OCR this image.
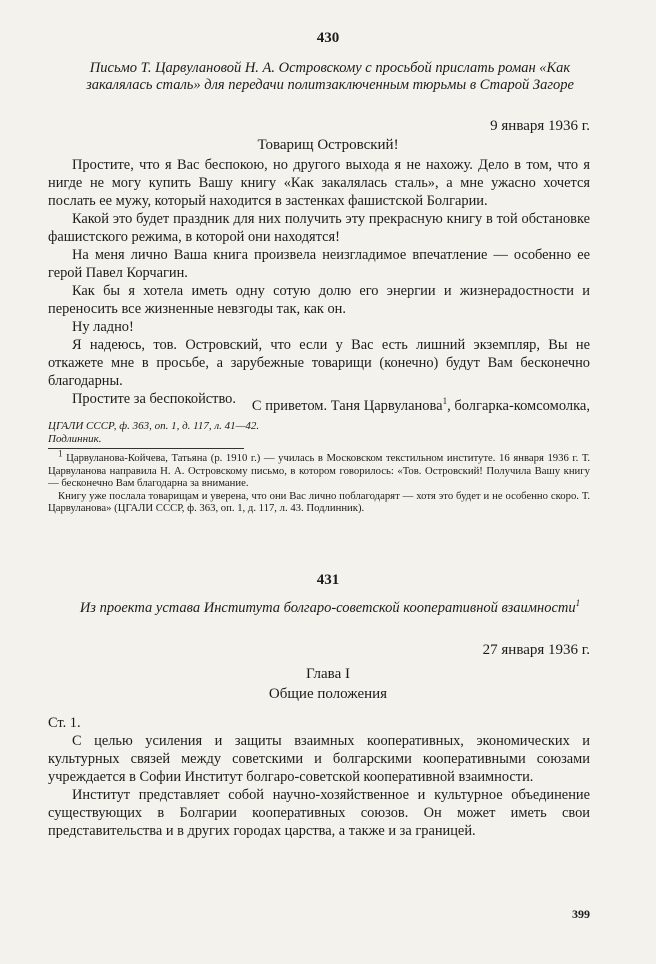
430
Письмо Т. Царвулановой Н. А. Островскому с просьбой прислать роман «Как закалялась сталь» для передачи политзаключенным тюрьмы в Старой Загоре
9 января 1936 г.
Товарищ Островский!

Простите, что я Вас беспокою, но другого выхода я не нахожу. Дело в том, что я нигде не могу купить Вашу книгу «Как закалялась сталь», а мне ужасно хочется послать ее мужу, который находится в застенках фашистской Болгарии.

Какой это будет праздник для них получить эту прекрасную книгу в той обстановке фашистского режима, в которой они находятся!

На меня лично Ваша книга произвела неизгладимое впечатление — особенно ее герой Павел Корчагин.

Как бы я хотела иметь одну сотую долю его энергии и жизнерадостности и переносить все жизненные невзгоды так, как он.

Ну ладно!

Я надеюсь, тов. Островский, что если у Вас есть лишний экземпляр, Вы не откажете мне в просьбе, а зарубежные товарищи (конечно) будут Вам бесконечно благодарны.

Простите за беспокойство.	С приветом. Таня Царвуланова$^1$, болгарка-комсомолка,
ЦГАЛИ СССР, ф. 363, оп. 1, д. 117, л. 41—42.
Подлинник.

$^1$ Царвуланова-Койчева, Татьяна (р. 1910 г.) — училась в Московском текстильном институте. 16 января 1936 г. Т. Царвуланова направила Н. А. Островскому письмо, в котором говорилось: «Тов. Островский! Получила Вашу книгу — бесконечно Вам благодарна за внимание.

Книгу уже послала товарищам и уверена, что они Вас лично поблагодарят — хотя это будет и не особенно скоро. Т. Царвуланова» (ЦГАЛИ СССР, ф. 363, оп. 1, д. 117, л. 43. Подлинник).

431
Из проекта устава Института болгаро-советской кооперативной взаимности$^1$
27 января 1936 г.
Глава I
Общие положения
Ст. 1.

С целью усиления и защиты взаимных кооперативных, экономических и культурных связей между советскими и болгарскими кооперативными союзами учреждается в Софии Институт болгаро-советской кооперативной взаимности.

Институт представляет собой научно-хозяйственное и культурное объединение существующих в Болгарии кооперативных союзов. Он может иметь свои представительства и в других городах царства, а также и за границей.

399
